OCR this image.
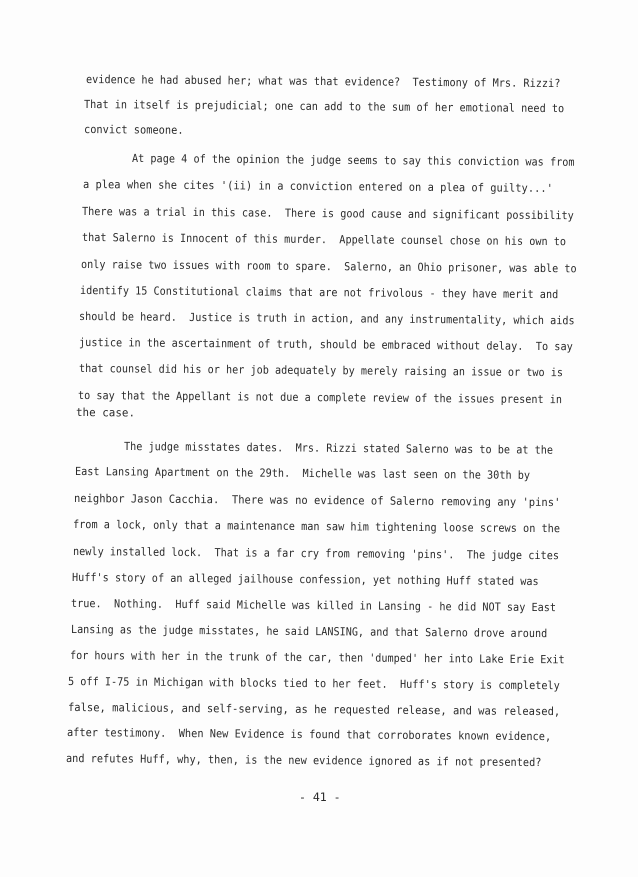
evidence he had abused her; what was that evidence?  Testimony of Mrs. Rizzi?
That in itself is prejudicial; one can add to the sum of her emotional need to
convict someone.
At page 4 of the opinion the judge seems to say this conviction was from
a plea when she cites '(ii) in a conviction entered on a plea of guilty...'
There was a trial in this case.  There is good cause and significant possibility
that Salerno is Innocent of this murder.  Appellate counsel chose on his own to
only raise two issues with room to spare.  Salerno, an Ohio prisoner, was able to
identify 15 Constitutional claims that are not frivolous - they have merit and
should be heard.  Justice is truth in action, and any instrumentality, which aids
justice in the ascertainment of truth, should be embraced without delay.  To say
that counsel did his or her job adequately by merely raising an issue or two is
to say that the Appellant is not due a complete review of the issues present in
the case.
The judge misstates dates.  Mrs. Rizzi stated Salerno was to be at the
East Lansing Apartment on the 29th.  Michelle was last seen on the 30th by
neighbor Jason Cacchia.  There was no evidence of Salerno removing any 'pins'
from a lock, only that a maintenance man saw him tightening loose screws on the
newly installed lock.  That is a far cry from removing 'pins'.  The judge cites
Huff's story of an alleged jailhouse confession, yet nothing Huff stated was
true.  Nothing.  Huff said Michelle was killed in Lansing - he did NOT say East
Lansing as the judge misstates, he said LANSING, and that Salerno drove around
for hours with her in the trunk of the car, then 'dumped' her into Lake Erie Exit
5 off I-75 in Michigan with blocks tied to her feet.  Huff's story is completely
false, malicious, and self-serving, as he requested release, and was released,
after testimony.  When New Evidence is found that corroborates known evidence,
and refutes Huff, why, then, is the new evidence ignored as if not presented?
- 41 -
